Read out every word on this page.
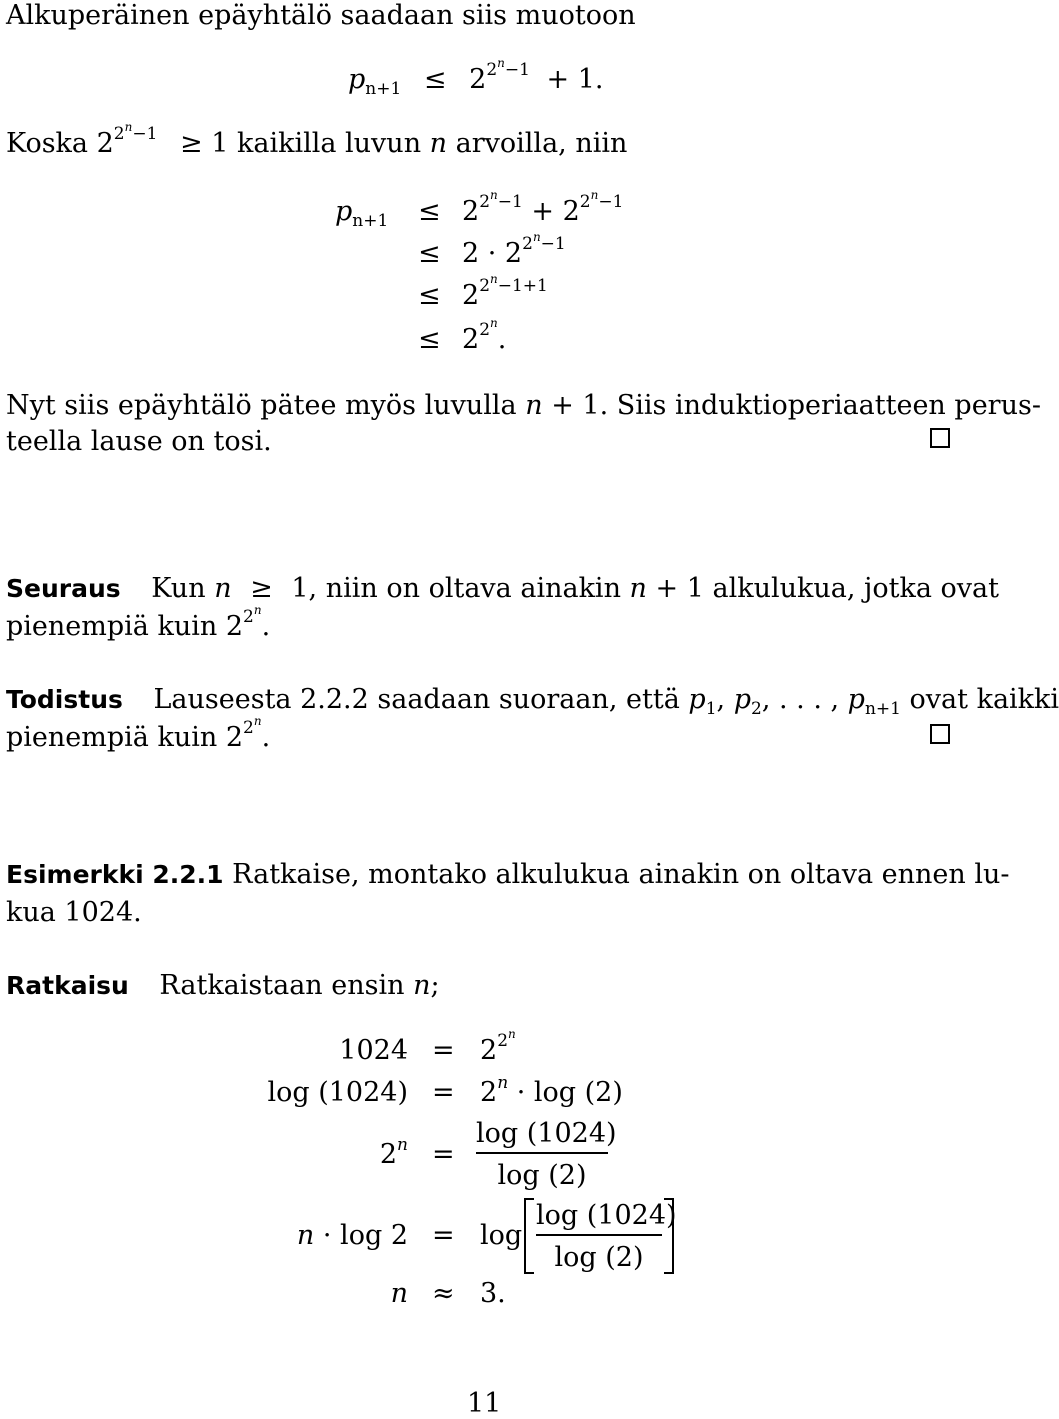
Alkuperäinen epäyhtälö saadaan siis muotoon
$p_{n+1} \le 2^{2n-1} + 1$.
Koska $2^{2n-1} \ge 1$ kaikilla luvun n arvoilla, niin
$p_{n+1} \le 2^{2n-1} + 2^{2n-1}$
≤ $2 \cdot 2^{2n-1}$
≤ $2^{2n-1+1}$
≤ $2^{2n}$.
Nyt siis epäyhtälö pätee myös luvulla n + 1. Siis induktioperiaatteen perus-
teella lause on tosi.
Seuraus Kun n ≥ 1, niin on oltava ainakin n + 1 alkulukua, jotka ovat
pienempiä kuin $2^{2n}$.
Todistus Lauseesta 2.2.2 saadaan suoraan, että $p_1$, $p_2$, . . . , $p_{n+1}$ ovat kaikki
pienempiä kuin $2^{2n}$.
Esimerkki 2.2.1 Ratkaise, montako alkulukua ainakin on oltava ennen lu-
kua 1024.
Ratkaisu Ratkaistaan ensin n;
$1024 = 2^{2n}$
$\log (1024) = 2^n \cdot \log (2)$
$2^n = \frac{\log (1024)}{\log (2)}$
$n \cdot \log 2 = \log \frac{\log (1024)}{\log (2)}$
n ≈ 3.
11
